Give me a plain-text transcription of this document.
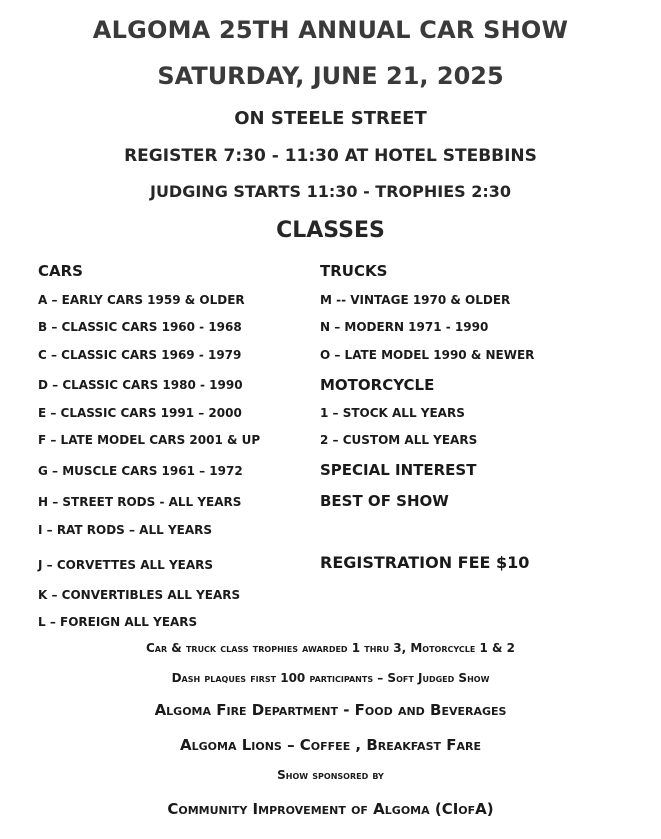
ALGOMA 25TH ANNUAL CAR SHOW
SATURDAY, JUNE 21, 2025
ON STEELE STREET
REGISTER 7:30 - 11:30 AT HOTEL STEBBINS
JUDGING STARTS 11:30 - TROPHIES 2:30
CLASSES
CARS
A – EARLY CARS 1959 & OLDER
B – CLASSIC CARS 1960 - 1968
C – CLASSIC CARS 1969 - 1979
D – CLASSIC CARS 1980 - 1990
E – CLASSIC CARS 1991 – 2000
F – LATE MODEL CARS 2001 & UP
G – MUSCLE CARS 1961 – 1972
H – STREET RODS - ALL YEARS
I – RAT RODS – ALL YEARS
J – CORVETTES ALL YEARS
K – CONVERTIBLES ALL YEARS
L – FOREIGN ALL YEARS
TRUCKS
M -- VINTAGE 1970 & OLDER
N – MODERN 1971 - 1990
O – LATE MODEL 1990 & NEWER
MOTORCYCLE
1 – STOCK ALL YEARS
2 – CUSTOM ALL YEARS
SPECIAL INTEREST
BEST OF SHOW
REGISTRATION FEE $10
Car & truck class trophies awarded 1 thru 3, Motorcycle 1 & 2
Dash plaques first 100 participants – Soft Judged Show
Algoma Fire Department - Food and Beverages
Algoma Lions – Coffee , Breakfast Fare
Show sponsored by
Community Improvement of Algoma (CIofA)
